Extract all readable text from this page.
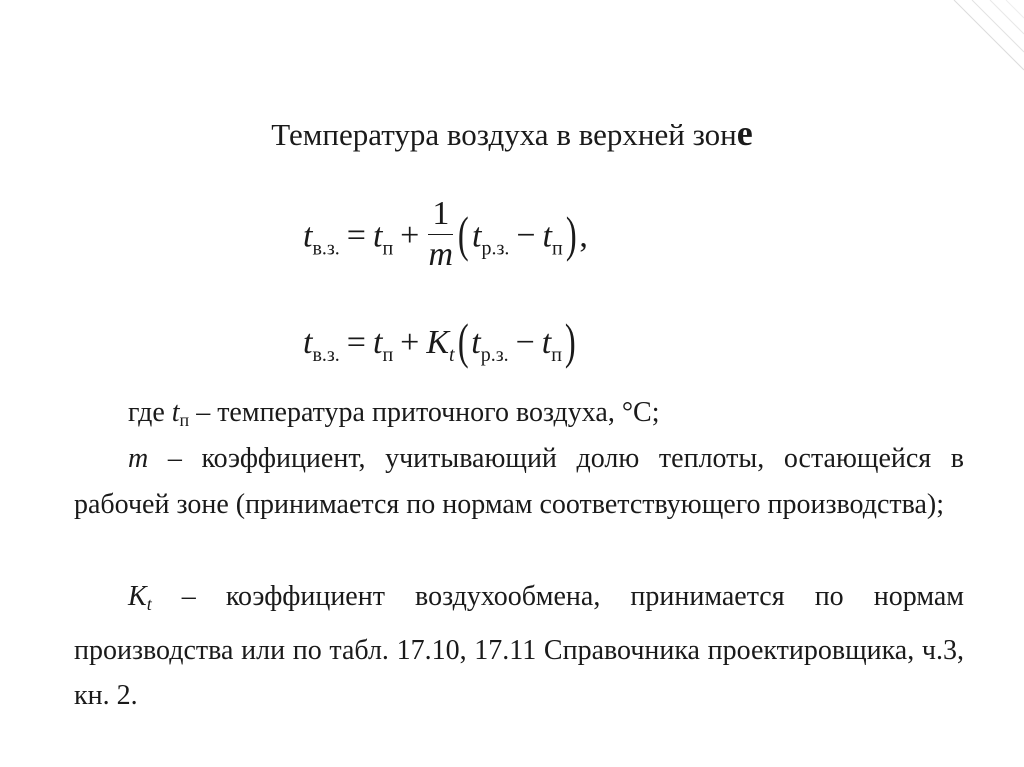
Температура воздуха в верхней зоне
$t_{в.з.} = t_п + \frac{1}{m} (t_{р.з.} - t_п)$,
$t_{в.з.} = t_п + K_t(t_{р.з.} - t_п)$

где $t_п$ – температура приточного воздуха, °С;

m – коэффициент, учитывающий долю теплоты, остающейся в рабочей зоне (принимается по нормам соответствующего производства);

$K_t$ – коэффициент воздухообмена, принимается по нормам производства или по табл. 17.10, 17.11 Справочника проектировщика, ч.3, кн. 2.
